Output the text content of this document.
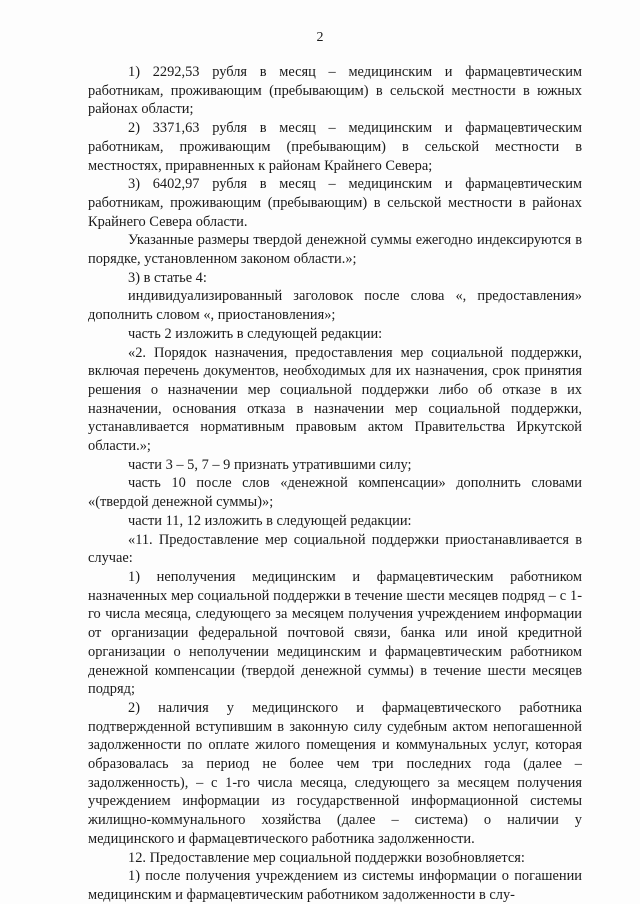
2

1) 2292,53 рубля в месяц – медицинским и фармацевтическим работникам, проживающим (пребывающим) в сельской местности в южных районах области;

2) 3371,63 рубля в месяц – медицинским и фармацевтическим работникам, проживающим (пребывающим) в сельской местности в местностях, приравненных к районам Крайнего Севера;

3) 6402,97 рубля в месяц – медицинским и фармацевтическим работникам, проживающим (пребывающим) в сельской местности в районах Крайнего Севера области.

Указанные размеры твердой денежной суммы ежегодно индексируются в порядке, установленном законом области.»;

3) в статье 4:

индивидуализированный заголовок после слова «, предоставления» дополнить словом «, приостановления»;

часть 2 изложить в следующей редакции:

«2. Порядок назначения, предоставления мер социальной поддержки, включая перечень документов, необходимых для их назначения, срок принятия решения о назначении мер социальной поддержки либо об отказе в их назначении, основания отказа в назначении мер социальной поддержки, устанавливается нормативным правовым актом Правительства Иркутской области.»;

части 3 – 5, 7 – 9 признать утратившими силу;

часть 10 после слов «денежной компенсации» дополнить словами «(твердой денежной суммы)»;

части 11, 12 изложить в следующей редакции:

«11. Предоставление мер социальной поддержки приостанавливается в случае:

1) неполучения медицинским и фармацевтическим работником назначенных мер социальной поддержки в течение шести месяцев подряд – с 1-го числа месяца, следующего за месяцем получения учреждением информации от организации федеральной почтовой связи, банка или иной кредитной организации о неполучении медицинским и фармацевтическим работником денежной компенсации (твердой денежной суммы) в течение шести месяцев подряд;

2) наличия у медицинского и фармацевтического работника подтвержденной вступившим в законную силу судебным актом непогашенной задолженности по оплате жилого помещения и коммунальных услуг, которая образовалась за период не более чем три последних года (далее – задолженность), – с 1-го числа месяца, следующего за месяцем получения учреждением информации из государственной информационной системы жилищно-коммунального хозяйства (далее – система) о наличии у медицинского и фармацевтического работника задолженности.

12. Предоставление мер социальной поддержки возобновляется:

1) после получения учреждением из системы информации о погашении медицинским и фармацевтическим работником задолженности в слу-
